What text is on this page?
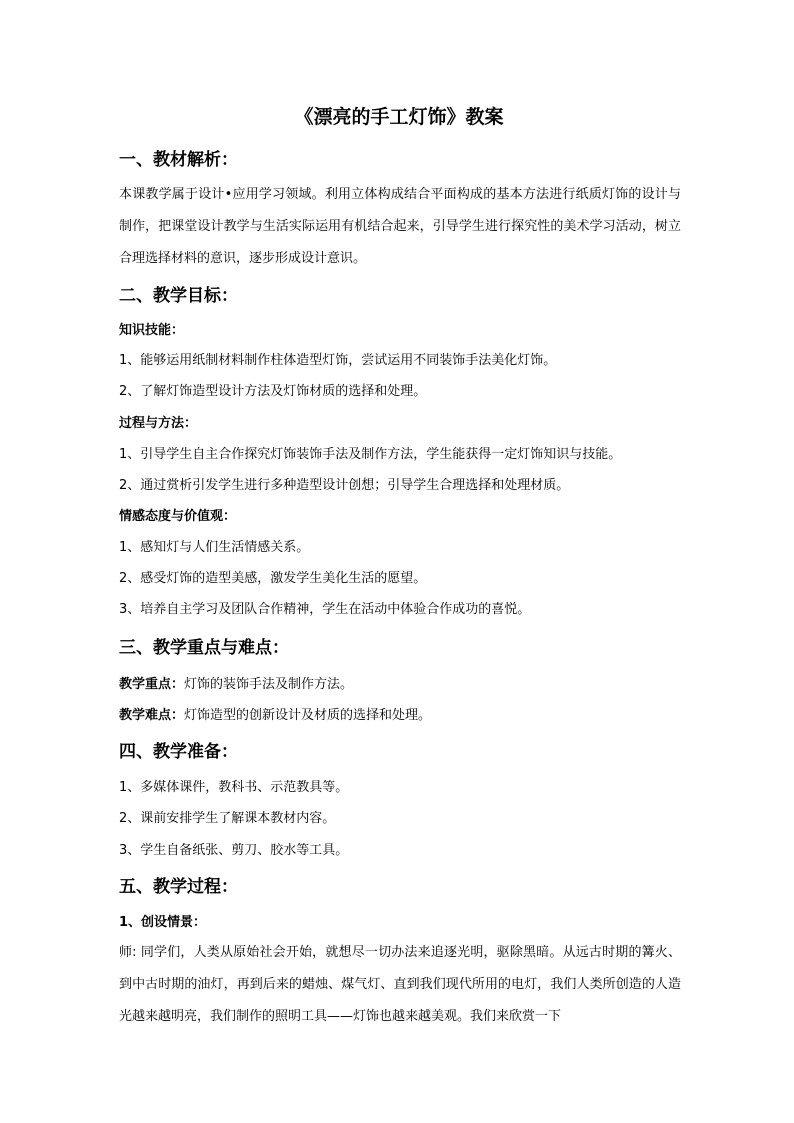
《漂亮的手工灯饰》教案
一、教材解析：
本课教学属于设计•应用学习领域。利用立体构成结合平面构成的基本方法进行纸质灯饰的设计与制作，把课堂设计教学与生活实际运用有机结合起来，引导学生进行探究性的美术学习活动，树立合理选择材料的意识，逐步形成设计意识。
二、教学目标：
知识技能：
1、能够运用纸制材料制作柱体造型灯饰，尝试运用不同装饰手法美化灯饰。
2、了解灯饰造型设计方法及灯饰材质的选择和处理。
过程与方法：
1、引导学生自主合作探究灯饰装饰手法及制作方法，学生能获得一定灯饰知识与技能。
2、通过赏析引发学生进行多种造型设计创想；引导学生合理选择和处理材质。
情感态度与价值观：
1、感知灯与人们生活情感关系。
2、感受灯饰的造型美感，激发学生美化生活的愿望。
3、培养自主学习及团队合作精神，学生在活动中体验合作成功的喜悦。
三、教学重点与难点：
教学重点：灯饰的装饰手法及制作方法。
教学难点：灯饰造型的创新设计及材质的选择和处理。
四、教学准备：
1、多媒体课件，教科书、示范教具等。
2、课前安排学生了解课本教材内容。
3、学生自备纸张、剪刀、胶水等工具。
五、教学过程：
1、创设情景：
师: 同学们，人类从原始社会开始，就想尽一切办法来追逐光明，驱除黑暗。从远古时期的篝火、到中古时期的油灯，再到后来的蜡烛、煤气灯、直到我们现代所用的电灯，我们人类所创造的人造光越来越明亮，我们制作的照明工具——灯饰也越来越美观。我们来欣赏一下
